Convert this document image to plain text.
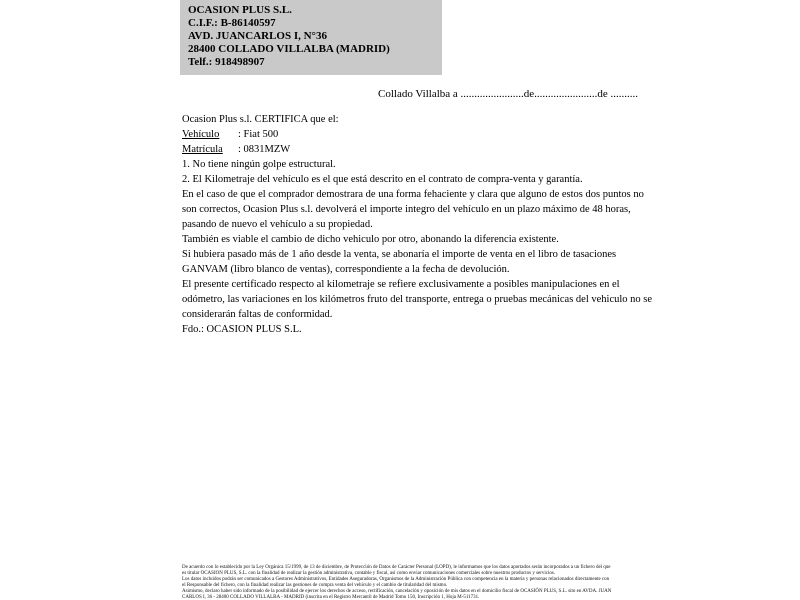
OCASION PLUS S.L.
C.I.F.: B-86140597
AVD. JUANCARLOS I, N°36
28400 COLLADO VILLALBA (MADRID)
Telf.: 918498907
Collado Villalba a .......................de.......................de ..........

Ocasion Plus s.l. CERTIFICA que el:

Vehículo : Fiat 500

Matrícula : 0831MZW

1. No tiene ningún golpe estructural.

2. El Kilometraje del vehículo es el que está descrito en el contrato de compra-venta y garantía.

En el caso de que el comprador demostrara de una forma fehaciente y clara que alguno de estos dos puntos no son correctos, Ocasion Plus s.l. devolverá el importe integro del vehículo en un plazo máximo de 48 horas, pasando de nuevo el vehículo a su propiedad.

También es viable el cambio de dicho vehiculo por otro, abonando la diferencia existente.

Si hubiera pasado más de 1 año desde la venta, se abonaría el importe de venta en el libro de tasaciones GANVAM (libro blanco de ventas), correspondiente a la fecha de devolución.

El presente certificado respecto al kilometraje se refiere exclusivamente a posibles manipulaciones en el odómetro, las variaciones en los kilómetros fruto del transporte, entrega o pruebas mecánicas del vehiculo no se considerarán faltas de conformidad.

Fdo.: OCASION PLUS S.L.

De acuerdo con lo establecido por la Ley Orgánica 15/1999, de 13 de diciembre, de Protección de Datos de Carácter Personal (LOPD), le informamos que los datos aportados serán incorporados a un fichero del que es titular OCASION PLUS, S.L. con la finalidad de realizar la gestión administrativa, contable y fiscal, así como enviar comunicaciones comerciales sobre nuestros productos y servicios.
Los datos incluidos podrán ser comunicados a Gestores Administrativos, Entidades Aseguradoras, Organismos de la Administración Pública con competencia en la materia y personas relacionados directamente con el Responsable del fichero, con la finalidad realizar las gestiones de compra venta del vehículo y el cambio de titularidad del mismo.
Asimismo, declaro haber sido informado de la posibilidad de ejercer los derechos de acceso, rectificación, cancelación y oposición de mis datos en el domicilio fiscal de OCASIÓN PLUS, S.L. sito en AVDA. JUAN CARLOS I, 36 - 28400 COLLADO VILLALBA - MADRID (inscrita en el Registro Mercantil de Madrid Tomo 150, Inscripción 1, Hoja M-511731.
